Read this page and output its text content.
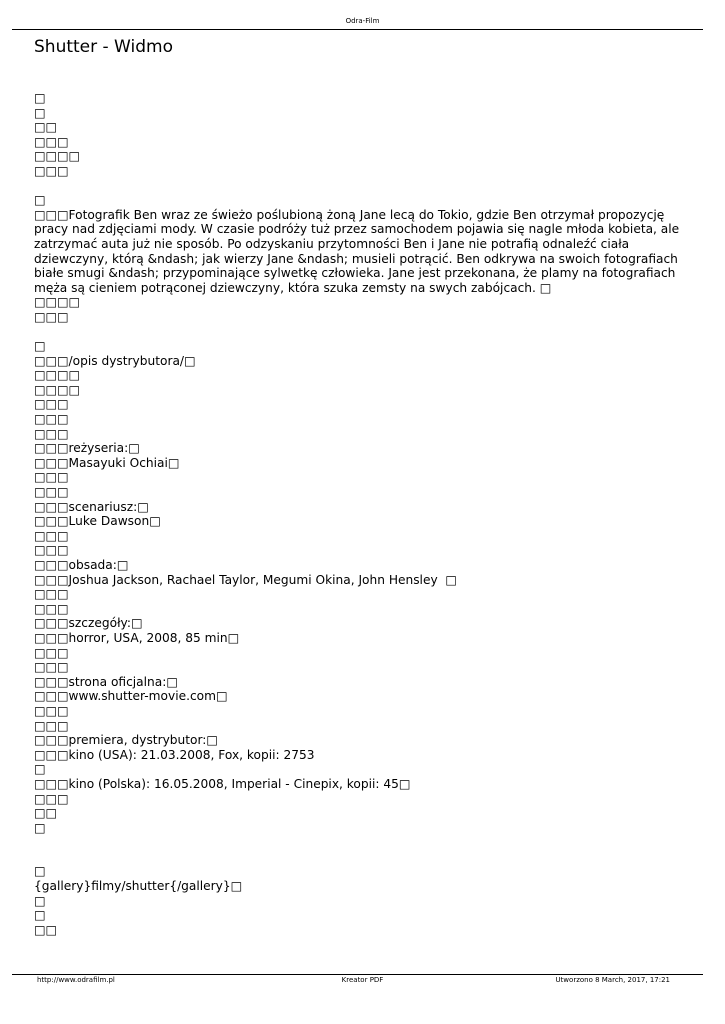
Odra-Film
Shutter - Widmo
□
□
□□
□□□
□□□□
□□□
□
□□□Fotografik Ben wraz ze świeżo poślubioną żoną Jane lecą do Tokio, gdzie Ben otrzymał propozycję pracy nad zdjęciami mody. W czasie podróży tuż przez samochodem pojawia się nagle młoda kobieta, ale zatrzymać auta już nie sposób. Po odzyskaniu przytomności Ben i Jane nie potrafią odnaleźć ciała dziewczyny, którą &ndash; jak wierzy Jane &ndash; musieli potrącić. Ben odkrywa na swoich fotografiach białe smugi &ndash; przypominające sylwetkę człowieka. Jane jest przekonana, że plamy na fotografiach męża są cieniem potrąconej dziewczyny, która szuka zemsty na swych zabójcach. □
□□□□
□□□
□
□□□/opis dystrybutora/□
□□□□
□□□□
□□□
□□□
□□□
□□□reżyseria:□
□□□Masayuki Ochiai□
□□□
□□□
□□□scenariusz:□
□□□Luke Dawson□
□□□
□□□
□□□obsada:□
□□□Joshua Jackson, Rachael Taylor, Megumi Okina, John Hensley  □
□□□
□□□
□□□szczegóły:□
□□□horror, USA, 2008, 85 min□
□□□
□□□
□□□strona oficjalna:□
□□□www.shutter-movie.com□
□□□
□□□
□□□premiera, dystrybutor:□
□□□kino (USA): 21.03.2008, Fox, kopii: 2753
□
□□□kino (Polska): 16.05.2008, Imperial - Cinepix, kopii: 45□
□□□
□□
□
□
{gallery}filmy/shutter{/gallery}□
□
□
□□
http://www.odrafilm.pl	Kreator PDF	Utworzono 8 March, 2017, 17:21
